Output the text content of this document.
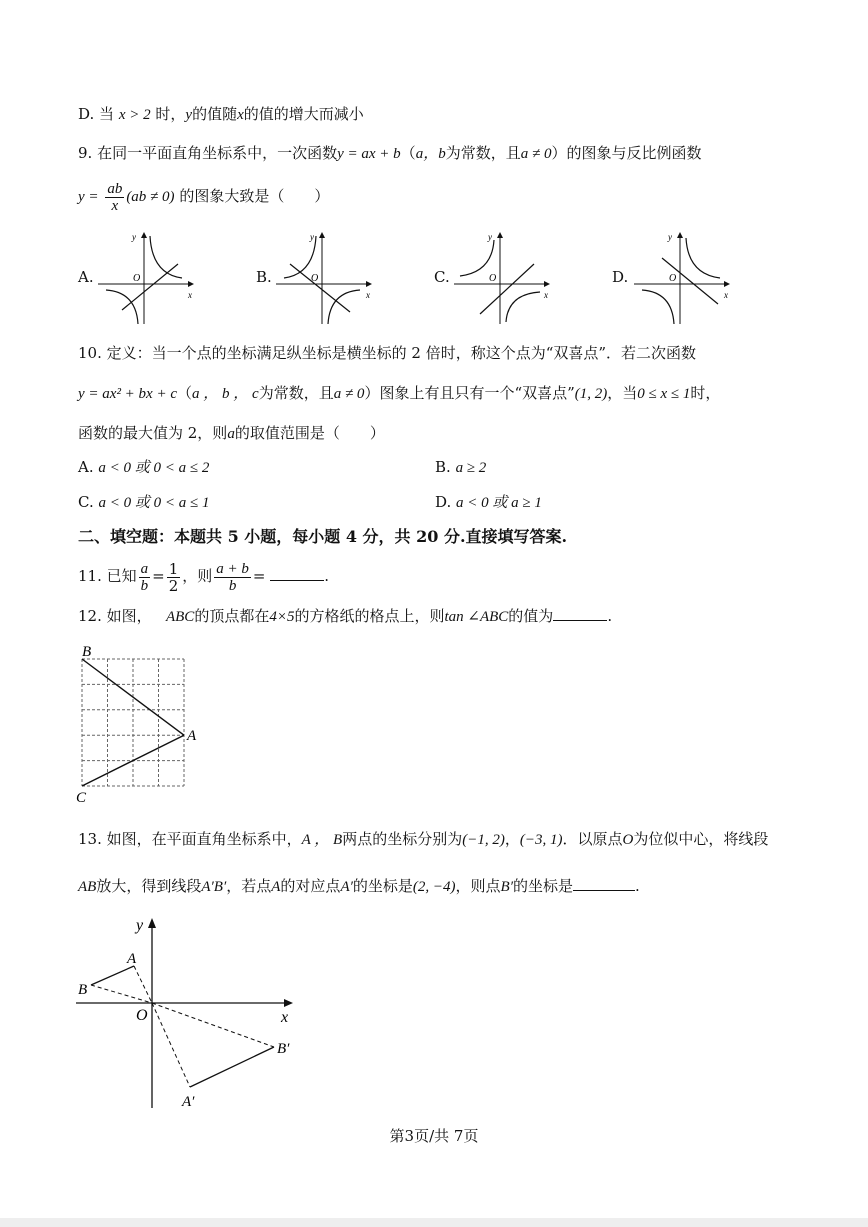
D. 当 x > 2 时，y的值随x的值的增大而减小
9. 在同一平面直角坐标系中，一次函数y = ax + b（a，b为常数，且a ≠ 0）的图象与反比例函数
$y = \frac{ab}{x} (ab \ne 0)$ 的图象大致是（　　）
A.	B.	C.	D.
x
y
O
x
y
O
x
y
O
x
y
O
10. 定义：当一个点的坐标满足纵坐标是横坐标的 2 倍时，称这个点为“双喜点”．若二次函数
y = ax² + bx + c（a ， b ， c为常数，且a ≠ 0）图象上有且只有一个“双喜点”(1, 2)，当0 ≤ x ≤ 1时，
函数的最大值为 2，则a的取值范围是（　　）
A. a < 0 或 0 < a ≤ 2	B. a ≥ 2
C. a < 0 或 0 < a ≤ 1	D. a < 0 或 a ≥ 1
二、填空题：本题共 5 小题，每小题 4 分，共 20 分.直接填写答案.
11. 已知 $\frac{a}{b} = \frac{1}{2}$ ，则 $\frac{a + b}{b}$ =	.
12. 如图， ABC的顶点都在4×5的方格纸的格点上，则tan ∠ABC的值为	.
B
A
C
13. 如图，在平面直角坐标系中，A ， B两点的坐标分别为(−1, 2)，(−3, 1)．以原点O为位似中心，将线段
AB放大，得到线段A′B′，若点A的对应点A′的坐标是(2, −4)，则点B′的坐标是	.
x
y
O
A
B
A′
B′
第3页/共 7页
